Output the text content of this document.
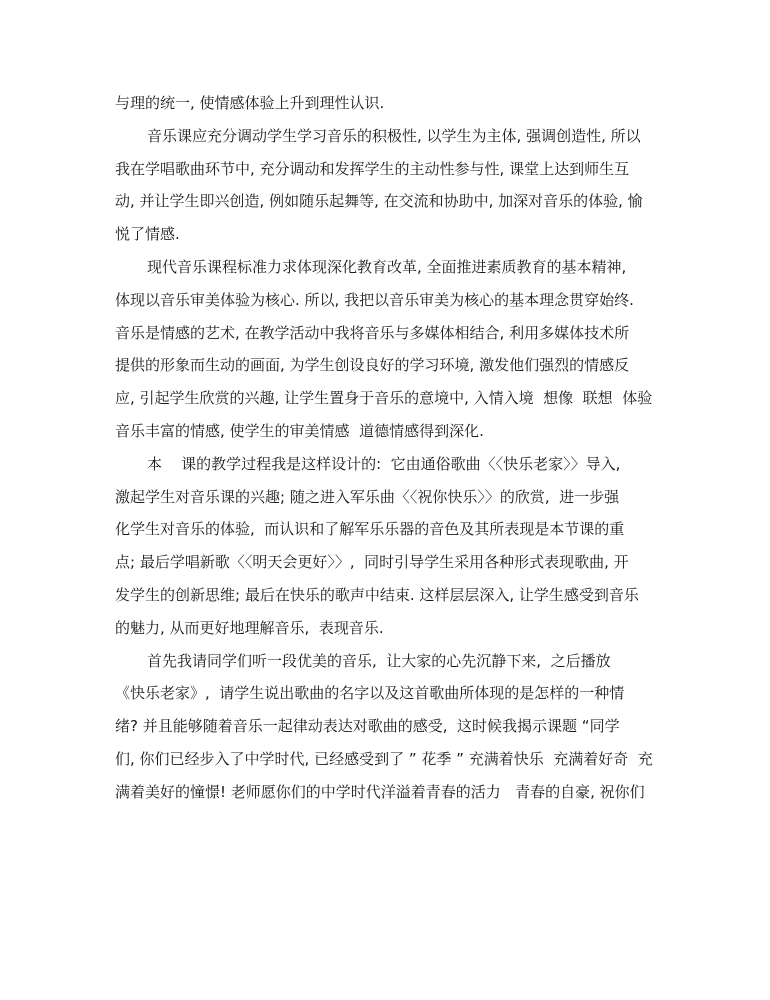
与理的统一, 使情感体验上升到理性认识.
音乐课应充分调动学生学习音乐的积极性, 以学生为主体, 强调创造性, 所以
我在学唱歌曲环节中, 充分调动和发挥学生的主动性参与性, 课堂上达到师生互
动, 并让学生即兴创造, 例如随乐起舞等, 在交流和协助中, 加深对音乐的体验, 愉
悦了情感.
现代音乐课程标准力求体现深化教育改革, 全面推进素质教育的基本精神,
体现以音乐审美体验为核心. 所以, 我把以音乐审美为核心的基本理念贯穿始终.
音乐是情感的艺术, 在教学活动中我将音乐与多媒体相结合, 利用多媒体技术所
提供的形象而生动的画面, 为学生创设良好的学习环境, 激发他们强烈的情感反
应, 引起学生欣赏的兴趣, 让学生置身于音乐的意境中, 入情入境  想像  联想  体验
音乐丰富的情感, 使学生的审美情感  道德情感得到深化.
本    课的教学过程我是这样设计的:  它由通俗歌曲〈〈快乐老家〉〉导入,
激起学生对音乐课的兴趣; 随之进入军乐曲〈〈祝你快乐〉〉的欣赏,  进一步强
化学生对音乐的体验,  而认识和了解军乐乐器的音色及其所表现是本节课的重
点; 最后学唱新歌〈〈明天会更好〉〉,  同时引导学生采用各种形式表现歌曲, 开
发学生的创新思维; 最后在快乐的歌声中结束. 这样层层深入, 让学生感受到音乐
的魅力, 从而更好地理解音乐,  表现音乐.
首先我请同学们听一段优美的音乐,  让大家的心先沉静下来,  之后播放
《快乐老家》,  请学生说出歌曲的名字以及这首歌曲所体现的是怎样的一种情
绪? 并且能够随着音乐一起律动表达对歌曲的感受,  这时候我揭示课题 “同学
们, 你们已经步入了中学时代, 已经感受到了 ” 花季 ” 充满着快乐  充满着好奇  充
满着美好的憧憬! 老师愿你们的中学时代洋溢着青春的活力   青春的自豪, 祝你们
